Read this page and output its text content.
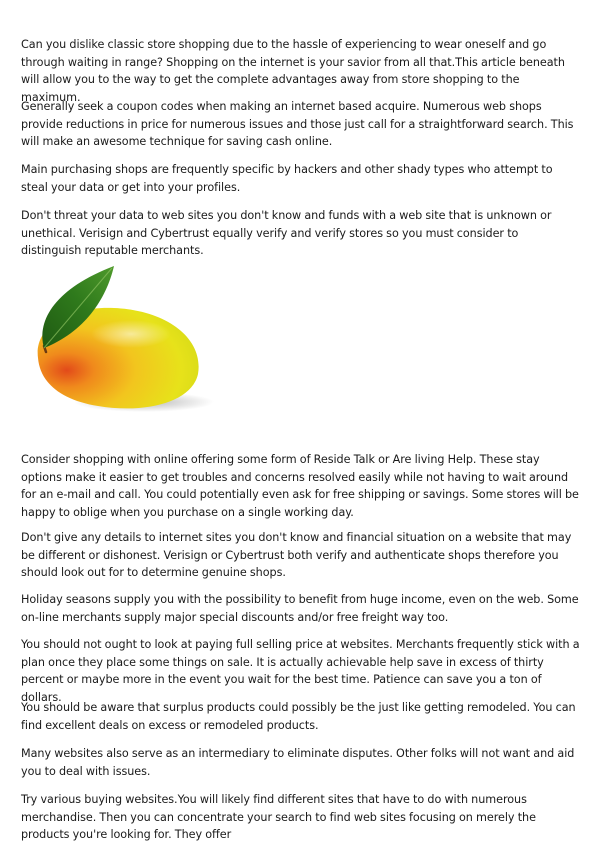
Can you dislike classic store shopping due to the hassle of experiencing to wear oneself and go through waiting in range? Shopping on the internet is your savior from all that.This article beneath will allow you to the way to get the complete advantages away from store shopping to the maximum.

Generally seek a coupon codes when making an internet based acquire. Numerous web shops provide reductions in price for numerous issues and those just call for a straightforward search. This will make an awesome technique for saving cash online.

Main purchasing shops are frequently specific by hackers and other shady types who attempt to steal your data or get into your profiles.

Don't threat your data to web sites you don't know and funds with a web site that is unknown or unethical. Verisign and Cybertrust equally verify and verify stores so you must consider to distinguish reputable merchants.

Consider shopping with online offering some form of Reside Talk or Are living Help. These stay options make it easier to get troubles and concerns resolved easily while not having to wait around for an e-mail and call. You could potentially even ask for free shipping or savings. Some stores will be happy to oblige when you purchase on a single working day.

Don't give any details to internet sites you don't know and financial situation on a website that may be different or dishonest. Verisign or Cybertrust both verify and authenticate shops therefore you should look out for to determine genuine shops.

Holiday seasons supply you with the possibility to benefit from huge income, even on the web. Some on-line merchants supply major special discounts and/or free freight way too.

You should not ought to look at paying full selling price at websites. Merchants frequently stick with a plan once they place some things on sale. It is actually achievable help save in excess of thirty percent or maybe more in the event you wait for the best time. Patience can save you a ton of dollars.

You should be aware that surplus products could possibly be the just like getting remodeled. You can find excellent deals on excess or remodeled products.

Many websites also serve as an intermediary to eliminate disputes. Other folks will not want and aid you to deal with issues.

Try various buying websites.You will likely find different sites that have to do with numerous merchandise. Then you can concentrate your search to find web sites focusing on merely the products you're looking for. They offer
